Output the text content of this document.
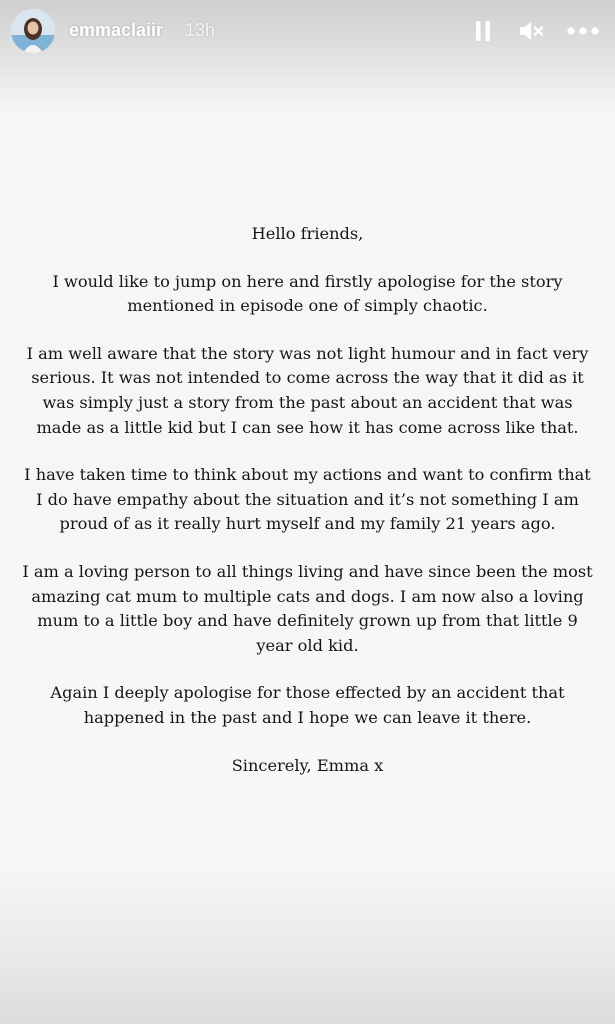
emmaclaiir 13h

Hello friends,

I would like to jump on here and firstly apologise for the story mentioned in episode one of simply chaotic.

I am well aware that the story was not light humour and in fact very serious. It was not intended to come across the way that it did as it was simply just a story from the past about an accident that was made as a little kid but I can see how it has come across like that.

I have taken time to think about my actions and want to confirm that I do have empathy about the situation and it’s not something I am proud of as it really hurt myself and my family 21 years ago.

I am a loving person to all things living and have since been the most amazing cat mum to multiple cats and dogs. I am now also a loving mum to a little boy and have definitely grown up from that little 9 year old kid.

Again I deeply apologise for those effected by an accident that happened in the past and I hope we can leave it there.

Sincerely, Emma x
